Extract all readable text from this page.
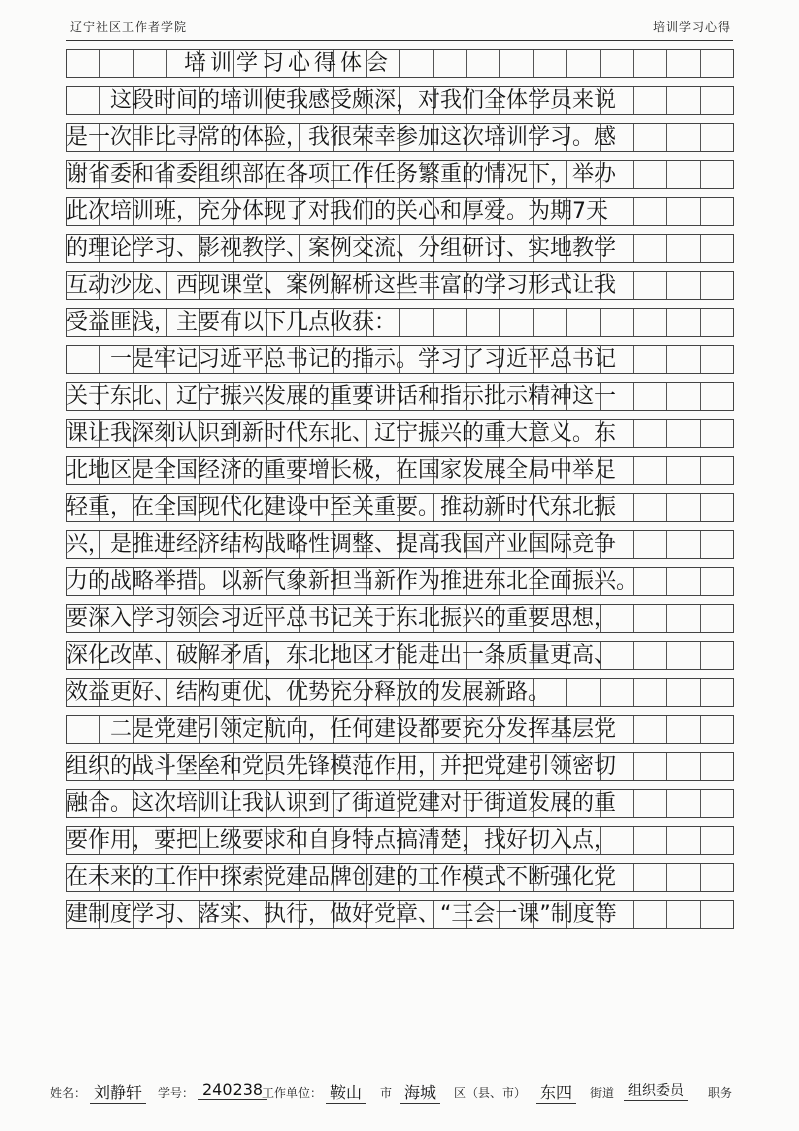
辽宁社区工作者学院	培训学习心得
培训学习心得体会
　　这段时间的培训使我感受颇深，对我们全体学员来说
是一次非比寻常的体验，我很荣幸参加这次培训学习。感
谢省委和省委组织部在各项工作任务繁重的情况下，举办
此次培训班，充分体现了对我们的关心和厚爱。为期7天
的理论学习、影视教学、案例交流、分组研讨、实地教学
互动沙龙、西现课堂、案例解析这些丰富的学习形式让我
受益匪浅，主要有以下几点收获：
　　一是牢记习近平总书记的指示。学习了习近平总书记
关于东北、辽宁振兴发展的重要讲话和指示批示精神这一
课让我深刻认识到新时代东北、辽宁振兴的重大意义。东
北地区是全国经济的重要增长极，在国家发展全局中举足
轻重，在全国现代化建设中至关重要。推动新时代东北振
兴，是推进经济结构战略性调整、提高我国产业国际竞争
力的战略举措。以新气象新担当新作为推进东北全面振兴。
要深入学习领会习近平总书记关于东北振兴的重要思想，
深化改革、破解矛盾，东北地区才能走出一条质量更高、
效益更好、结构更优、优势充分释放的发展新路。
　　二是党建引领定航向，任何建设都要充分发挥基层党
组织的战斗堡垒和党员先锋模范作用，并把党建引领密切
融合。这次培训让我认识到了街道党建对于街道发展的重
要作用，要把上级要求和自身特点搞清楚，找好切入点，
在未来的工作中探索党建品牌创建的工作模式不断强化党
建制度学习、落实、执行，做好党章、“三会一课”制度等
姓名： 刘静轩	学号： 240238
工作单位： 鞍山	市 海城	区（县、市） 东四	街道 组织委员	职务
